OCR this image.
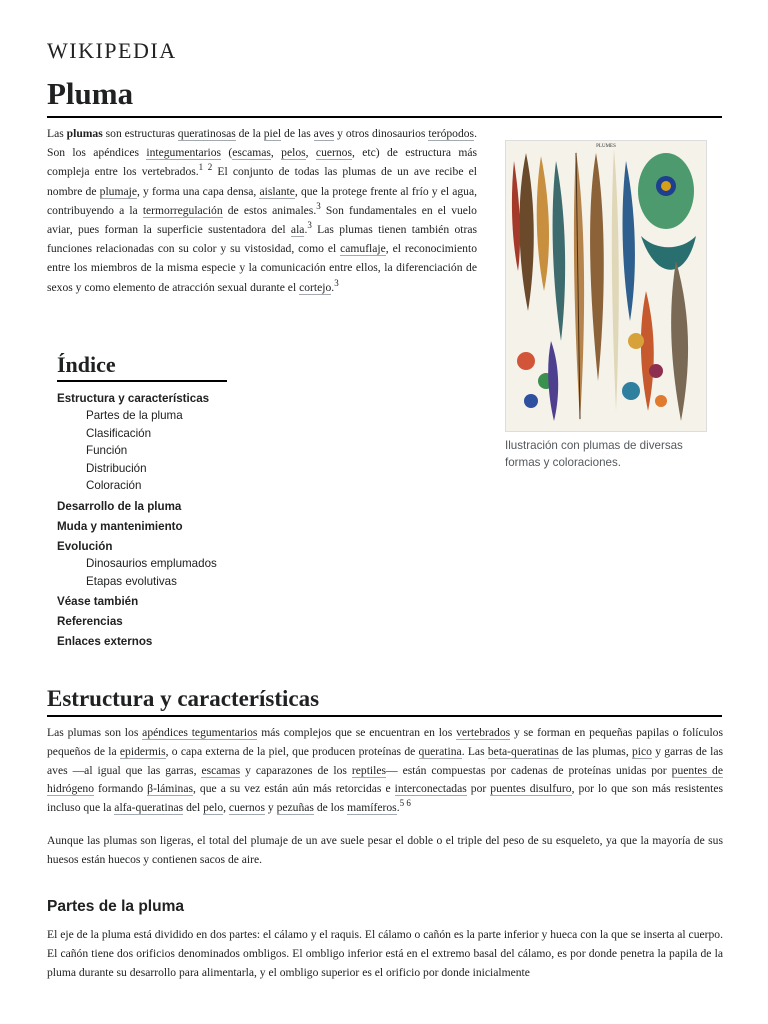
WIKIPEDIA
Pluma
Las plumas son estructuras queratinosas de la piel de las aves y otros dinosaurios terópodos. Son los apéndices integumentarios (escamas, pelos, cuernos, etc) de estructura más compleja entre los vertebrados.$^{1 2}$ El conjunto de todas las plumas de un ave recibe el nombre de plumaje, y forma una capa densa, aislante, que la protege frente al frío y el agua, contribuyendo a la termorregulación de estos animales.$^3$ Son fundamentales en el vuelo aviar, pues forman la superficie sustentadora del ala.$^3$ Las plumas tienen también otras funciones relacionadas con su color y su vistosidad, como el camuflaje, el reconocimiento entre los miembros de la misma especie y la comunicación entre ellos, la diferenciación de sexos y como elemento de atracción sexual durante el cortejo.$^3$
PLUMES
Ilustración con plumas de diversas formas y coloraciones.
Índice
Estructura y características
Partes de la pluma
Clasificación
Función
Distribución
Coloración
Desarrollo de la pluma
Muda y mantenimiento
Evolución
Dinosaurios emplumados
Etapas evolutivas
Véase también
Referencias
Enlaces externos
Estructura y características
Las plumas son los apéndices tegumentarios más complejos que se encuentran en los vertebrados y se forman en pequeñas papilas o folículos pequeños de la epidermis, o capa externa de la piel, que producen proteínas de queratina. Las beta-queratinas de las plumas, pico y garras de las aves —al igual que las garras, escamas y caparazones de los reptiles— están compuestas por cadenas de proteínas unidas por puentes de hidrógeno formando β-láminas, que a su vez están aún más retorcidas e interconectadas por puentes disulfuro, por lo que son más resistentes incluso que la alfa-queratinas del pelo, cuernos y pezuñas de los mamíferos.$^{5 6}$
Aunque las plumas son ligeras, el total del plumaje de un ave suele pesar el doble o el triple del peso de su esqueleto, ya que la mayoría de sus huesos están huecos y contienen sacos de aire.
Partes de la pluma
El eje de la pluma está dividido en dos partes: el cálamo y el raquis. El cálamo o cañón es la parte inferior y hueca con la que se inserta al cuerpo. El cañón tiene dos orificios denominados ombligos. El ombligo inferior está en el extremo basal del cálamo, es por donde penetra la papila de la pluma durante su desarrollo para alimentarla, y el ombligo superior es el orificio por donde inicialmente
